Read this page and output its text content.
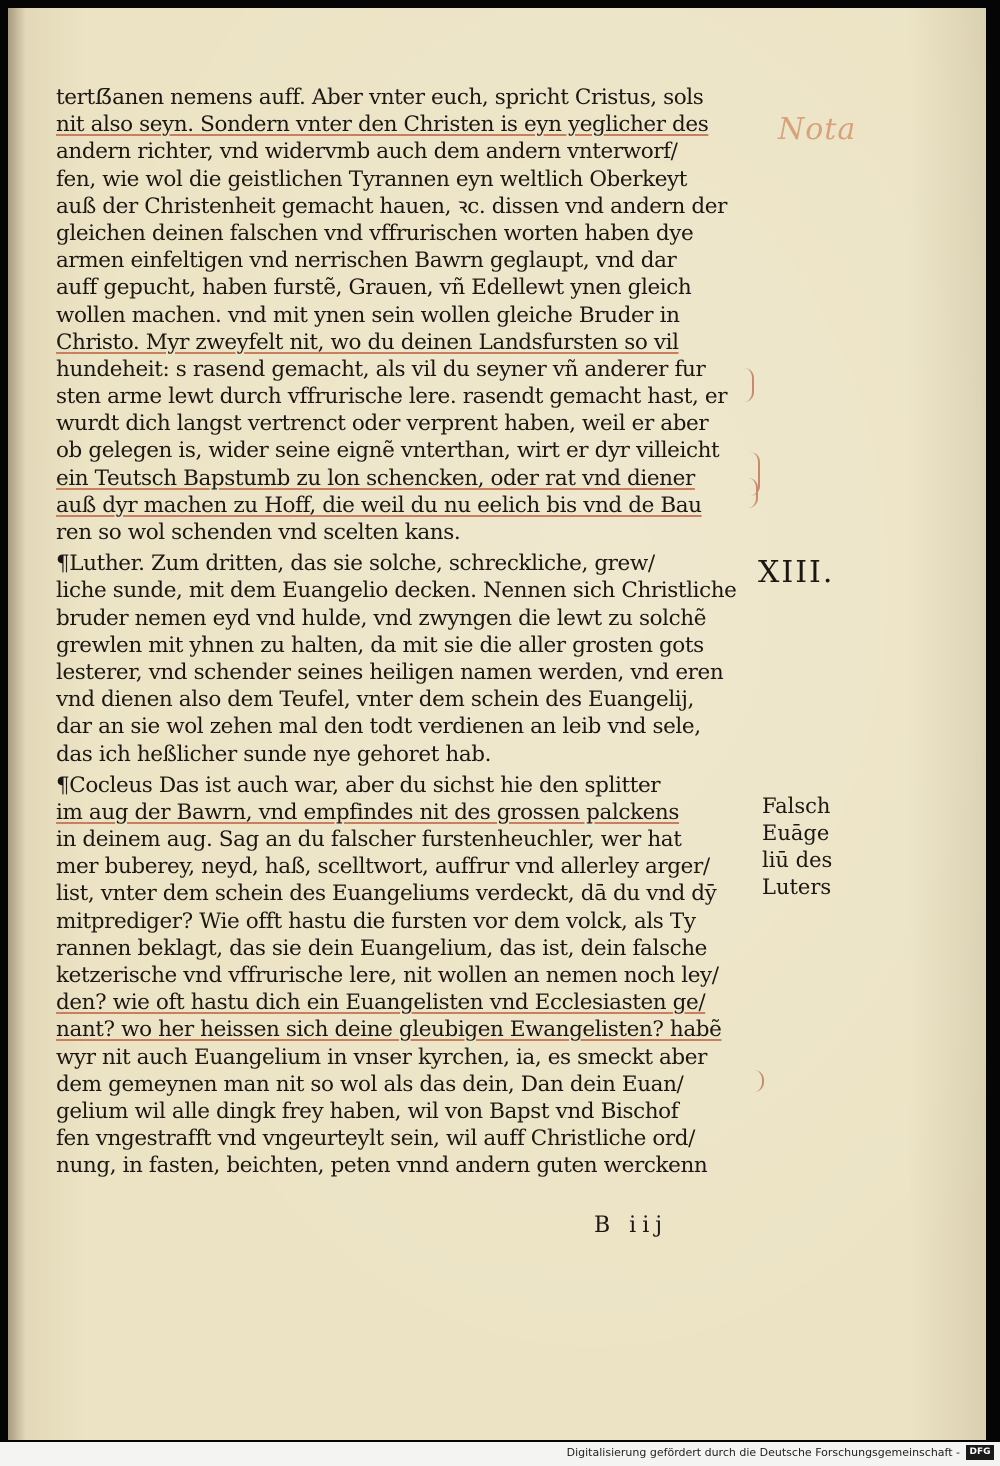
tertẞanen nemens auff. Aber vnter euch, spricht Cristus, sols
nit also seyn. Sondern vnter den Christen is eyn yeglicher des
andern richter, vnd widervmb auch dem andern vnterworf/
fen, wie wol die geistlichen Tyrannen eyn weltlich Oberkeyt
auß der Christenheit gemacht hauen, ꝛc. dissen vnd andern der
gleichen deinen falschen vnd vffrurischen worten haben dye
armen einfeltigen vnd nerrischen Bawrn geglaupt, vnd dar
auff gepucht, haben furstẽ, Grauen, vñ Edellewt ynen gleich
wollen machen. vnd mit ynen sein wollen gleiche Bruder in
Christo. Myr zweyfelt nit, wo du deinen Landsfursten so vil
hundeheit: s rasend gemacht, als vil du seyner vñ anderer fur
sten arme lewt durch vffrurische lere. rasendt gemacht hast, er
wurdt dich langst vertrenct oder verprent haben, weil er aber
ob gelegen is, wider seine eignẽ vnterthan, wirt er dyr villeicht
ein Teutsch Bapstumb zu lon schencken, oder rat vnd diener
auß dyr machen zu Hoff, die weil du nu eelich bis vnd de Bau
ren so wol schenden vnd scelten kans.
¶Luther. Zum dritten, das sie solche, schreckliche, grew/
liche sunde, mit dem Euangelio decken. Nennen sich Christliche
bruder nemen eyd vnd hulde, vnd zwyngen die lewt zu solchẽ
grewlen mit yhnen zu halten, da mit sie die aller grosten gots
lesterer, vnd schender seines heiligen namen werden, vnd eren
vnd dienen also dem Teufel, vnter dem schein des Euangelij,
dar an sie wol zehen mal den todt verdienen an leib vnd sele,
das ich heßlicher sunde nye gehoret hab.
¶Cocleus Das ist auch war, aber du sichst hie den splitter
im aug der Bawrn, vnd empfindes nit des grossen palckens
in deinem aug. Sag an du falscher furstenheuchler, wer hat
mer buberey, neyd, haß, scelltwort, auffrur vnd allerley arger/
list, vnter dem schein des Euangeliums verdeckt, dā du vnd dȳ
mitprediger? Wie offt hastu die fursten vor dem volck, als Ty
rannen beklagt, das sie dein Euangelium, das ist, dein falsche
ketzerische vnd vffrurische lere, nit wollen an nemen noch ley/
den? wie oft hastu dich ein Euangelisten vnd Ecclesiasten ge/
nant? wo her heissen sich deine gleubigen Ewangelisten? habẽ
wyr nit auch Euangelium in vnser kyrchen, ia, es smeckt aber
dem gemeynen man nit so wol als das dein, Dan dein Euan/
gelium wil alle dingk frey haben, wil von Bapst vnd Bischof
fen vngestrafft vnd vngeurteylt sein, wil auff Christliche ord/
nung, in fasten, beichten, peten vnnd andern guten werckenn
Nota
XIII.
Falsch
Euāge
liū des
Luters
B iij
Digitalisierung gefördert durch die Deutsche Forschungsgemeinschaft -	DFG
